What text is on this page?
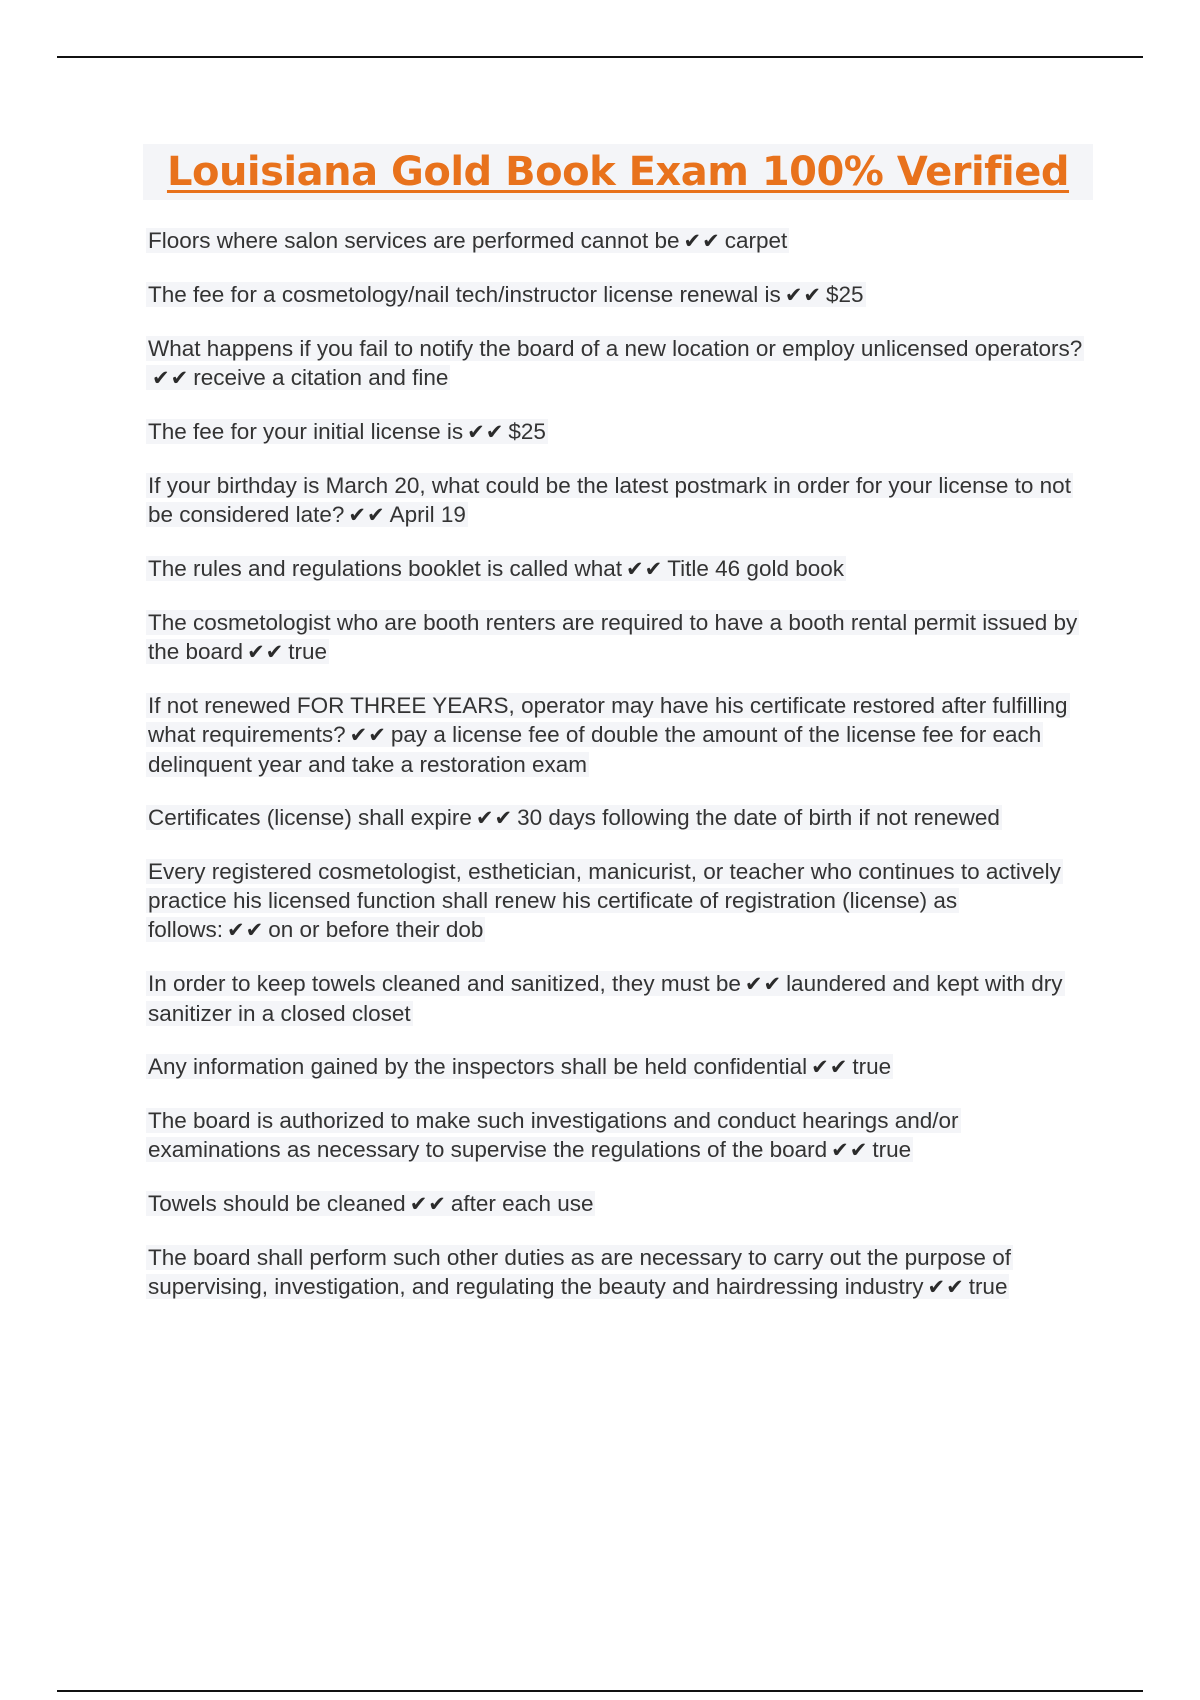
Louisiana Gold Book Exam 100% Verified

Floors where salon services are performed cannot be ✔✔ carpet

The fee for a cosmetology/nail tech/instructor license renewal is ✔✔ $25

What happens if you fail to notify the board of a new location or employ unlicensed operators?✔✔ receive a citation and fine

The fee for your initial license is ✔✔ $25

If your birthday is March 20, what could be the latest postmark in order for your license to not be considered late? ✔✔ April 19

The rules and regulations booklet is called what ✔✔ Title 46 gold book

The cosmetologist who are booth renters are required to have a booth rental permit issued by the board ✔✔ true

If not renewed FOR THREE YEARS, operator may have his certificate restored after fulfilling what requirements? ✔✔ pay a license fee of double the amount of the license fee for each delinquent year and take a restoration exam

Certificates (license) shall expire ✔✔ 30 days following the date of birth if not renewed

Every registered cosmetologist, esthetician, manicurist, or teacher who continues to actively practice his licensed function shall renew his certificate of registration (license) as follows: ✔✔ on or before their dob

In order to keep towels cleaned and sanitized, they must be ✔✔ laundered and kept with dry sanitizer in a closed closet

Any information gained by the inspectors shall be held confidential ✔✔ true

The board is authorized to make such investigations and conduct hearings and/or examinations as necessary to supervise the regulations of the board ✔✔ true

Towels should be cleaned ✔✔ after each use

The board shall perform such other duties as are necessary to carry out the purpose of supervising, investigation, and regulating the beauty and hairdressing industry ✔✔ true
